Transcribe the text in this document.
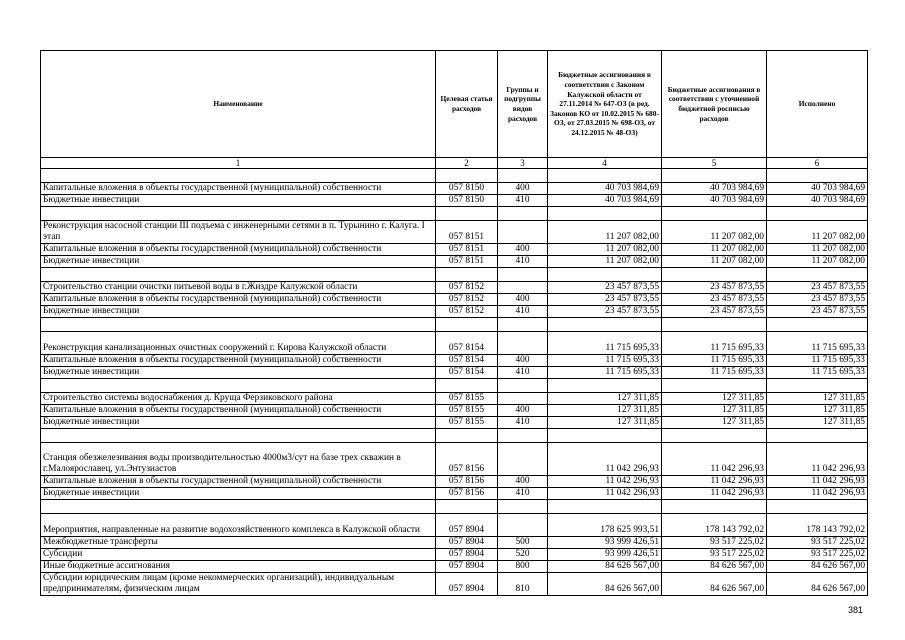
Наименование	Целевая статья расходов	Группы и подгруппы видов расходов	Бюджетные ассигнования в соответствии с Законом Калужской области от 27.11.2014 № 647-ОЗ (в ред. Законов КО от 10.02.2015 № 680-ОЗ, от 27.03.2015 № 698-ОЗ, от 24.12.2015 № 48-ОЗ)	Бюджетные ассигнования в соответствии с уточненной бюджетной росписью расходов	Исполнено
1	2	3	4	5	6

Капитальные вложения в объекты государственной (муниципальной) собственности	057 8150	400	40 703 984,69	40 703 984,69	40 703 984,69
Бюджетные инвестиции	057 8150	410	40 703 984,69	40 703 984,69	40 703 984,69

Реконструкция насосной станции III подъема с инженерными сетями в п. Турынино г. Калуга. I этап	057 8151		11 207 082,00	11 207 082,00	11 207 082,00
Капитальные вложения в объекты государственной (муниципальной) собственности	057 8151	400	11 207 082,00	11 207 082,00	11 207 082,00
Бюджетные инвестиции	057 8151	410	11 207 082,00	11 207 082,00	11 207 082,00

Строительство станции очистки питьевой воды в г.Жиздре Калужской области	057 8152		23 457 873,55	23 457 873,55	23 457 873,55
Капитальные вложения в объекты государственной (муниципальной) собственности	057 8152	400	23 457 873,55	23 457 873,55	23 457 873,55
Бюджетные инвестиции	057 8152	410	23 457 873,55	23 457 873,55	23 457 873,55

Реконструкция канализационных очистных сооружений г. Кирова Калужской области	057 8154		11 715 695,33	11 715 695,33	11 715 695,33
Капитальные вложения в объекты государственной (муниципальной) собственности	057 8154	400	11 715 695,33	11 715 695,33	11 715 695,33
Бюджетные инвестиции	057 8154	410	11 715 695,33	11 715 695,33	11 715 695,33

Строительство системы водоснабжения д. Круща Ферзиковского района	057 8155		127 311,85	127 311,85	127 311,85
Капитальные вложения в объекты государственной (муниципальной) собственности	057 8155	400	127 311,85	127 311,85	127 311,85
Бюджетные инвестиции	057 8155	410	127 311,85	127 311,85	127 311,85

Станция обезжелезивания воды производительностью 4000м3/сут на базе трех скважин в г.Малоярославец, ул.Энтузиастов	057 8156		11 042 296,93	11 042 296,93	11 042 296,93
Капитальные вложения в объекты государственной (муниципальной) собственности	057 8156	400	11 042 296,93	11 042 296,93	11 042 296,93
Бюджетные инвестиции	057 8156	410	11 042 296,93	11 042 296,93	11 042 296,93

Мероприятия, направленные на развитие водохозяйственного комплекса в Калужской области	057 8904		178 625 993,51	178 143 792,02	178 143 792,02
Межбюджетные трансферты	057 8904	500	93 999 426,51	93 517 225,02	93 517 225,02
Субсидии	057 8904	520	93 999 426,51	93 517 225,02	93 517 225,02
Иные бюджетные ассигнования	057 8904	800	84 626 567,00	84 626 567,00	84 626 567,00
Субсидии юридическим лицам (кроме некоммерческих организаций), индивидуальным предпринимателям, физическим лицам	057 8904	810	84 626 567,00	84 626 567,00	84 626 567,00
381
